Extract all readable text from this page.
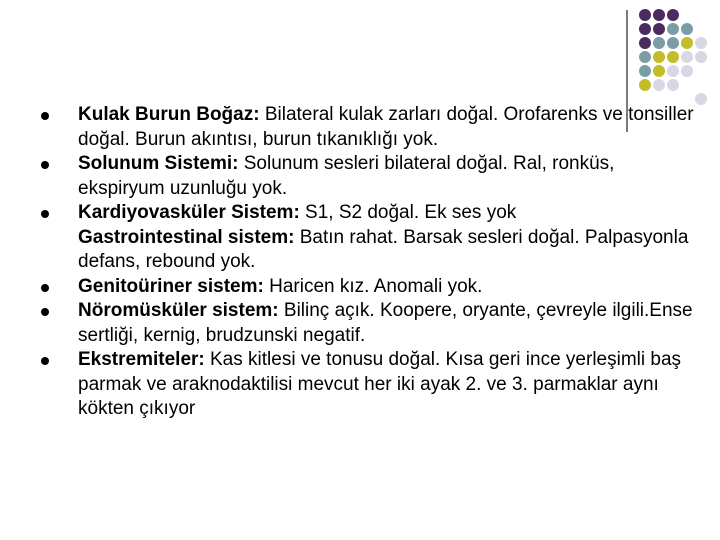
Kulak Burun Boğaz: Bilateral kulak zarları doğal. Orofarenks ve tonsiller doğal. Burun akıntısı, burun tıkanıklığı yok.
Solunum Sistemi: Solunum sesleri bilateral doğal. Ral, ronküs, ekspiryum uzunluğu yok.
Kardiyovasküler Sistem: S1, S2 doğal. Ek ses yok
Gastrointestinal sistem: Batın rahat. Barsak sesleri doğal. Palpasyonla defans, rebound yok.
Genitoüriner sistem: Haricen kız. Anomali yok.
Nöromüsküler sistem: Bilinç açık. Koopere, oryante, çevreyle ilgili.Ense sertliği, kernig, brudzunski negatif.
Ekstremiteler: Kas kitlesi ve tonusu doğal. Kısa geri ince yerleşimli baş parmak ve araknodaktilisi mevcut her iki ayak 2. ve 3. parmaklar aynı kökten çıkıyor
